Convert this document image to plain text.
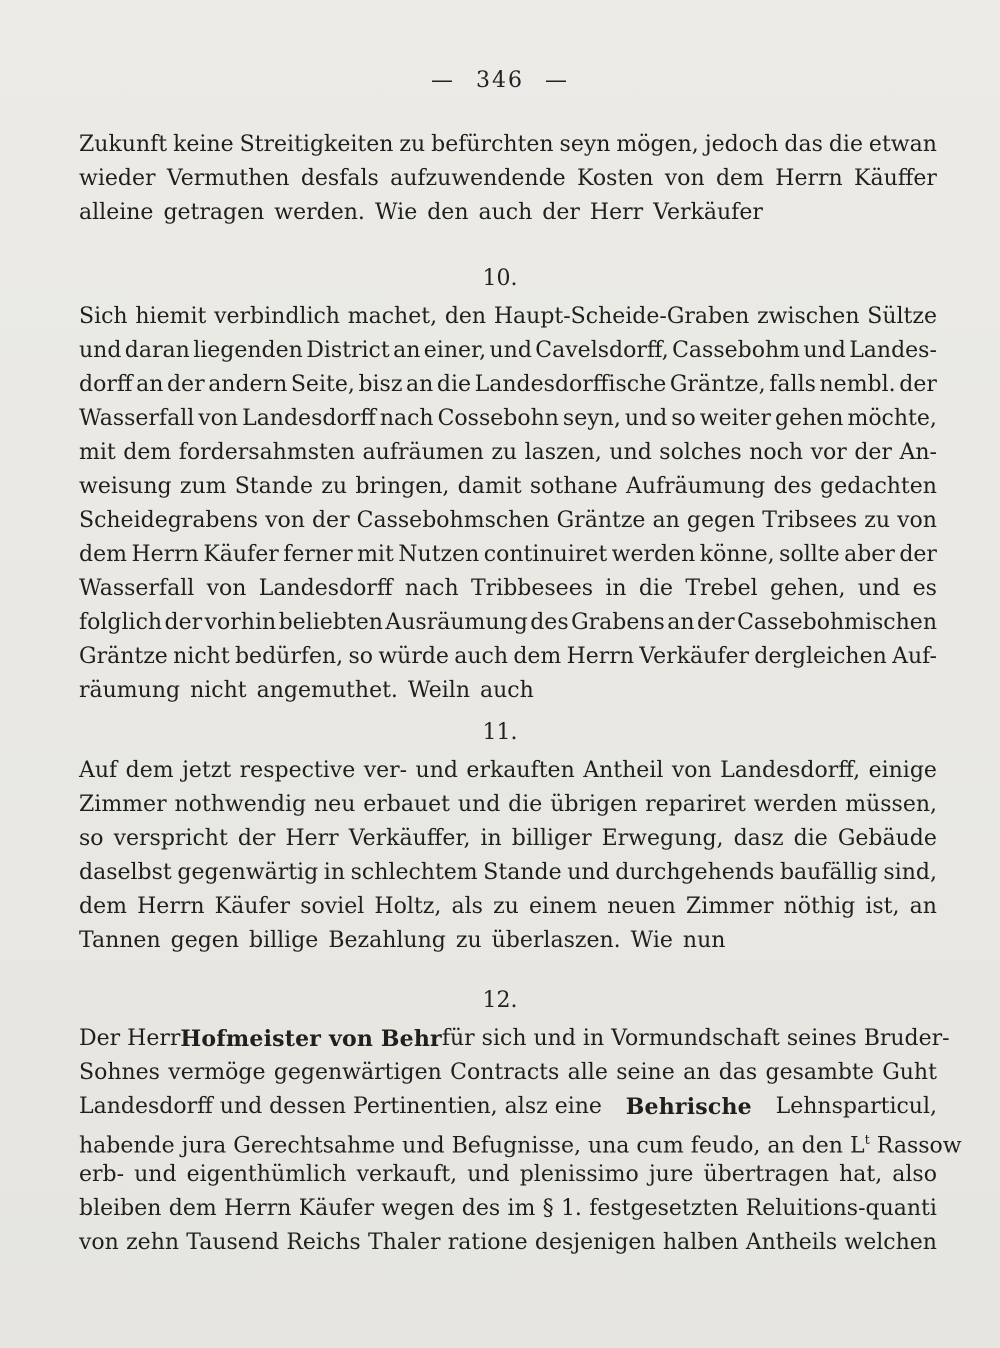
— 346 —
Zukunft keine Streitigkeiten zu befürchten seyn mögen, jedoch das die etwan
wieder Vermuthen desfals aufzuwendende Kosten von dem Herrn Käuffer
alleine getragen werden. Wie den auch der Herr Verkäufer
10.
Sich hiemit verbindlich machet, den Haupt-Scheide-Graben zwischen Sültze
und daran liegenden District an einer, und Cavelsdorff, Cassebohm und Landes-
dorff an der andern Seite, bisz an die Landesdorffische Gräntze, falls nembl. der
Wasserfall von Landesdorff nach Cossebohn seyn, und so weiter gehen möchte,
mit dem fordersahmsten aufräumen zu laszen, und solches noch vor der An-
weisung zum Stande zu bringen, damit sothane Aufräumung des gedachten
Scheidegrabens von der Cassebohmschen Gräntze an gegen Tribsees zu von
dem Herrn Käufer ferner mit Nutzen continuiret werden könne, sollte aber der
Wasserfall von Landesdorff nach Tribbesees in die Trebel gehen, und es
folglich der vorhin beliebten Ausräumung des Grabens an der Cassebohmischen
Gräntze nicht bedürfen, so würde auch dem Herrn Verkäufer dergleichen Auf-
räumung nicht angemuthet. Weiln auch
11.
Auf dem jetzt respective ver- und erkauften Antheil von Landesdorff, einige
Zimmer nothwendig neu erbauet und die übrigen repariret werden müssen,
so verspricht der Herr Verkäuffer, in billiger Erwegung, dasz die Gebäude
daselbst gegenwärtig in schlechtem Stande und durchgehends baufällig sind,
dem Herrn Käufer soviel Holtz, als zu einem neuen Zimmer nöthig ist, an
Tannen gegen billige Bezahlung zu überlaszen. Wie nun
12.
Der Herr Hofmeister von Behr für sich und in Vormundschaft seines Bruder-
Sohnes vermöge gegenwärtigen Contracts alle seine an das gesambte Guht
Landesdorff und dessen Pertinentien, alsz eine Behrische Lehnsparticul,
habende jura Gerechtsahme und Befugnisse, una cum feudo, an den $L^t$ Rassow
erb- und eigenthümlich verkauft, und plenissimo jure übertragen hat, also
bleiben dem Herrn Käufer wegen des im § 1. festgesetzten Reluitions-quanti
von zehn Tausend Reichs Thaler ratione desjenigen halben Antheils welchen
